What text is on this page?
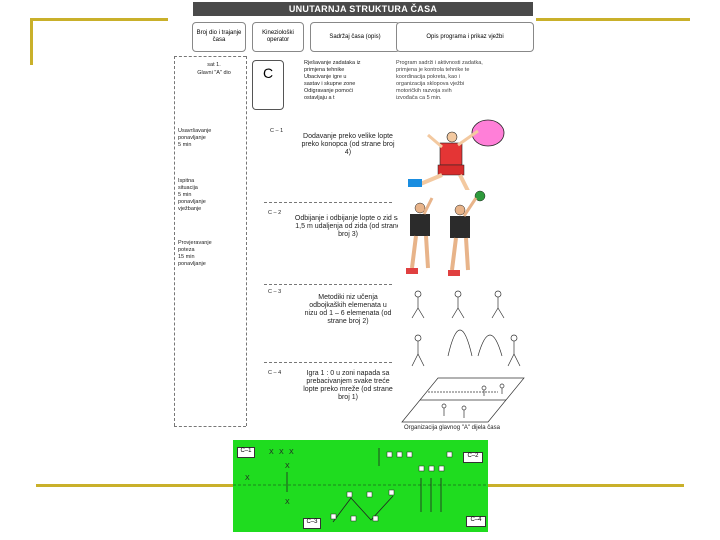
UNUTARNJA STRUKTURA ČASA
Broj dio i trajanje časa
Kineziološki operator
Sadržaj časa (opis)	Opis programa i prikaz vježbi
sat 1.
Glavni "A" dio	C
Rješavanje zadataka iz
primjena tehnike
Ubacivanje igre u
sastav i skupne zone
Odigravanje pomoći
ostavljaju a t
Program sadrži i aktivnosti zadatka,
primjena je kontrola tehnike te
koordinacija pokreta, kao i
organizacija sklopova vježbi
motoričkih razvoja svih
izvođača ca 5 min.
Usavršavanje
ponavljanje
5 min
Ispitna
situacija
5 min
ponavljanje
vježbanje
Provjeravanje
poteza
15 min
ponavljanje
C – 1
Dodavanje preko velike lopte preko konopca (od strane broj 4)
C – 2
Odbijanje i odbijanje lopte o zid sa 1,5 m udaljenja od zida (od strane broj 3)
C – 3
Metodiki niz učenja odbojkaških elemenata u nizu od 1 – 6 elemenata (od strane broj 2)
C – 4	Igra 1 : 0 u zoni napada sa prebacivanjem svake treće lopte preko mreže (od strane broj 1)
Organizacija glavnog "A" dijela časa
X X X
X
X
X
C–1
C–2
C–3	C–4
